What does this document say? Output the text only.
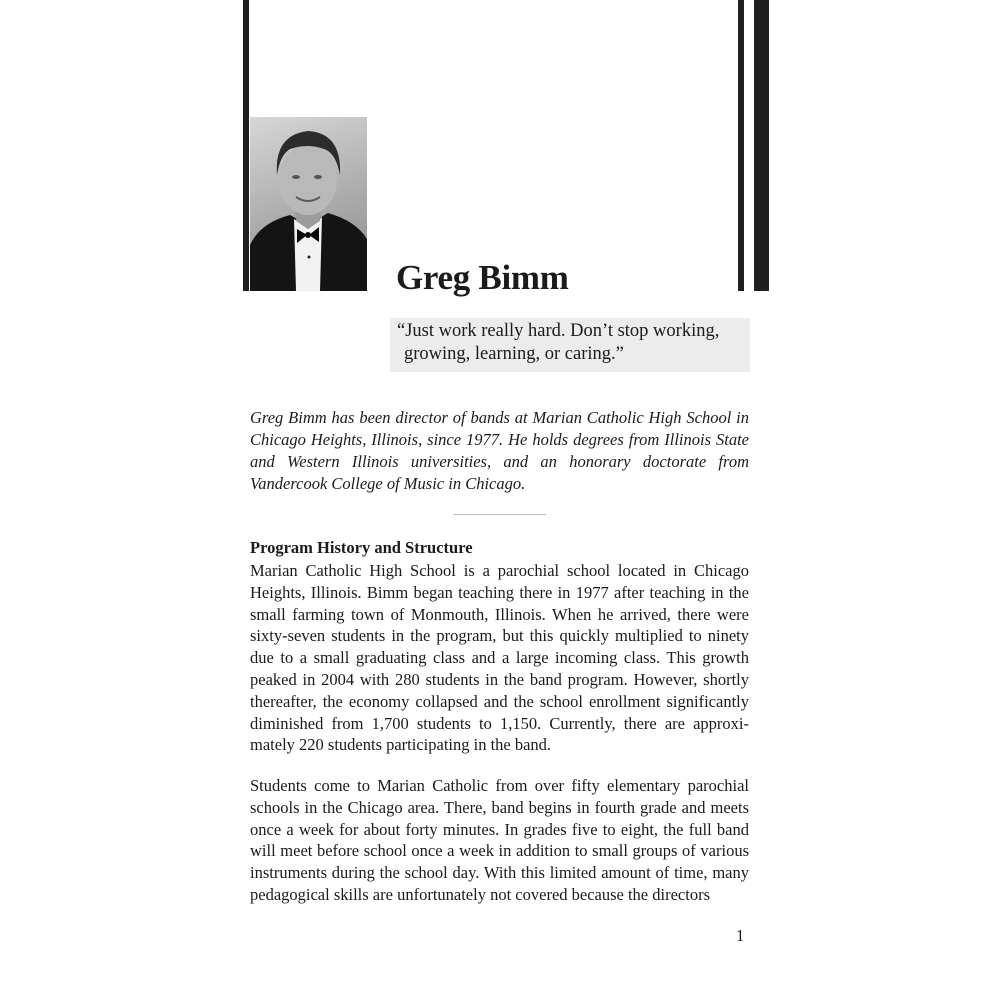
Greg Bimm
“Just work really hard. Don’t stop working,
growing, learning, or caring.”

Greg Bimm has been director of bands at Marian Catholic High School in Chicago Heights, Illinois, since 1977. He holds degrees from Illinois State and Western Illinois universities, and an honorary doctorate from Vandercook College of Music in Chicago.

Program History and Structure

Marian Catholic High School is a parochial school located in Chicago Heights, Illinois. Bimm began teaching there in 1977 after teaching in the small farming town of Monmouth, Illinois. When he arrived, there were sixty-seven students in the program, but this quickly multiplied to ninety due to a small graduating class and a large incoming class. This growth peaked in 2004 with 280 students in the band program. However, shortly thereafter, the economy collapsed and the school enrollment significantly diminished from 1,700 students to 1,150. Currently, there are approximately 220 students participating in the band.

Students come to Marian Catholic from over fifty elementary parochial schools in the Chicago area. There, band begins in fourth grade and meets once a week for about forty minutes. In grades five to eight, the full band will meet before school once a week in addition to small groups of various instruments during the school day. With this limited amount of time, many pedagogical skills are unfortunately not covered because the directors

1
